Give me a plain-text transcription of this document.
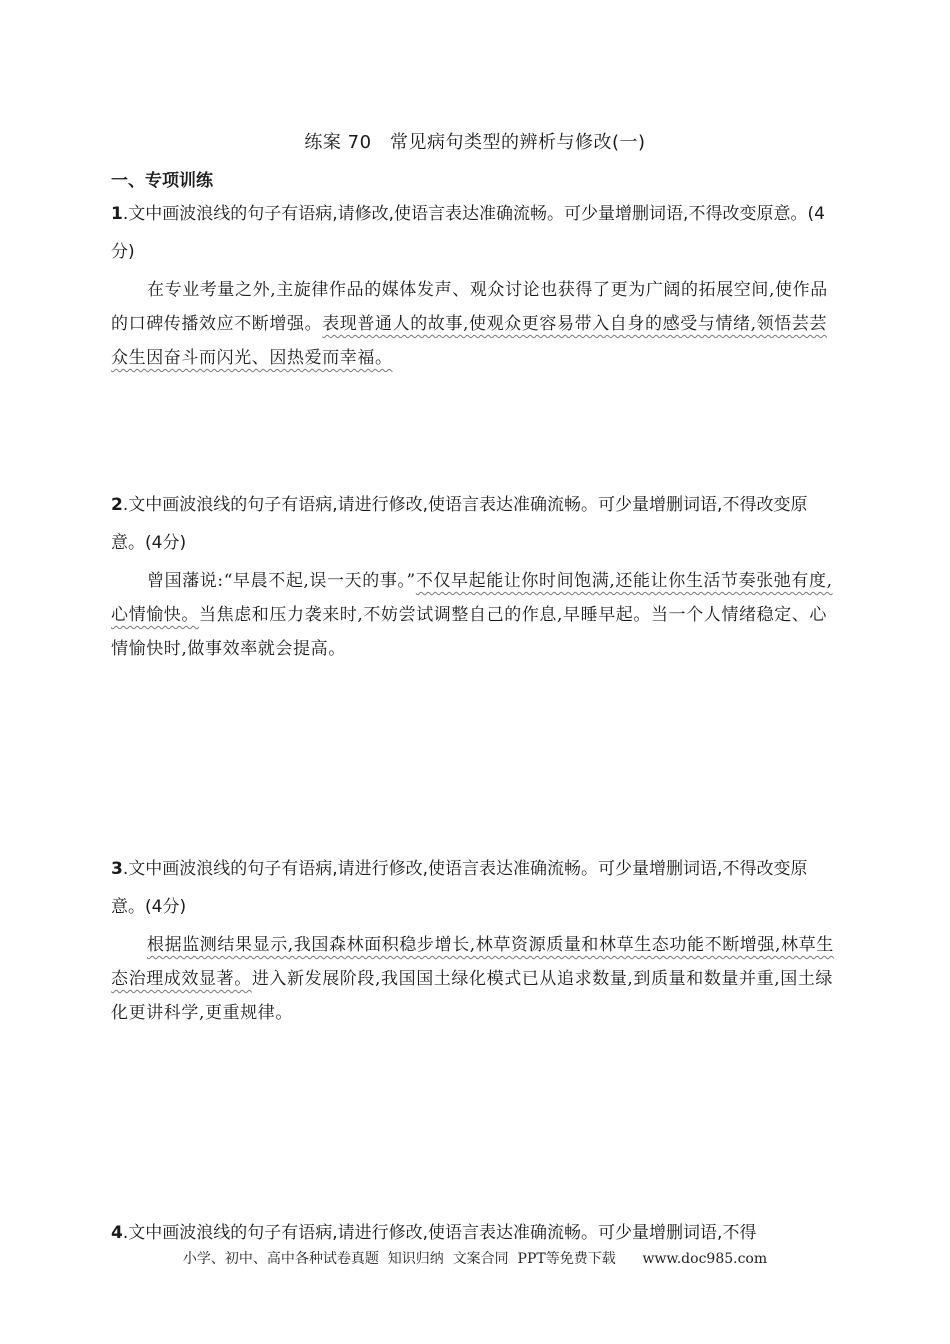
练案 70　常见病句类型的辨析与修改(一)
一、专项训练

1.文中画波浪线的句子有语病,请修改,使语言表达准确流畅。可少量增删词语,不得改变原意。(4分)

在专业考量之外,主旋律作品的媒体发声、观众讨论也获得了更为广阔的拓展空间,使作品的口碑传播效应不断增强。表现普通人的故事,使观众更容易带入自身的感受与情绪,领悟芸芸众生因奋斗而闪光、因热爱而幸福。

2.文中画波浪线的句子有语病,请进行修改,使语言表达准确流畅。可少量增删词语,不得改变原意。(4分)

曾国藩说:“早晨不起,误一天的事。”不仅早起能让你时间饱满,还能让你生活节奏张弛有度,心情愉快。当焦虑和压力袭来时,不妨尝试调整自己的作息,早睡早起。当一个人情绪稳定、心情愉快时,做事效率就会提高。

3.文中画波浪线的句子有语病,请进行修改,使语言表达准确流畅。可少量增删词语,不得改变原意。(4分)

根据监测结果显示,我国森林面积稳步增长,林草资源质量和林草生态功能不断增强,林草生态治理成效显著。进入新发展阶段,我国国土绿化模式已从追求数量,到质量和数量并重,国土绿化更讲科学,更重规律。

4.文中画波浪线的句子有语病,请进行修改,使语言表达准确流畅。可少量增删词语,不得

小学、初中、高中各种试卷真题  知识归纳  文案合同  PPT等免费下载      www.doc985.com
